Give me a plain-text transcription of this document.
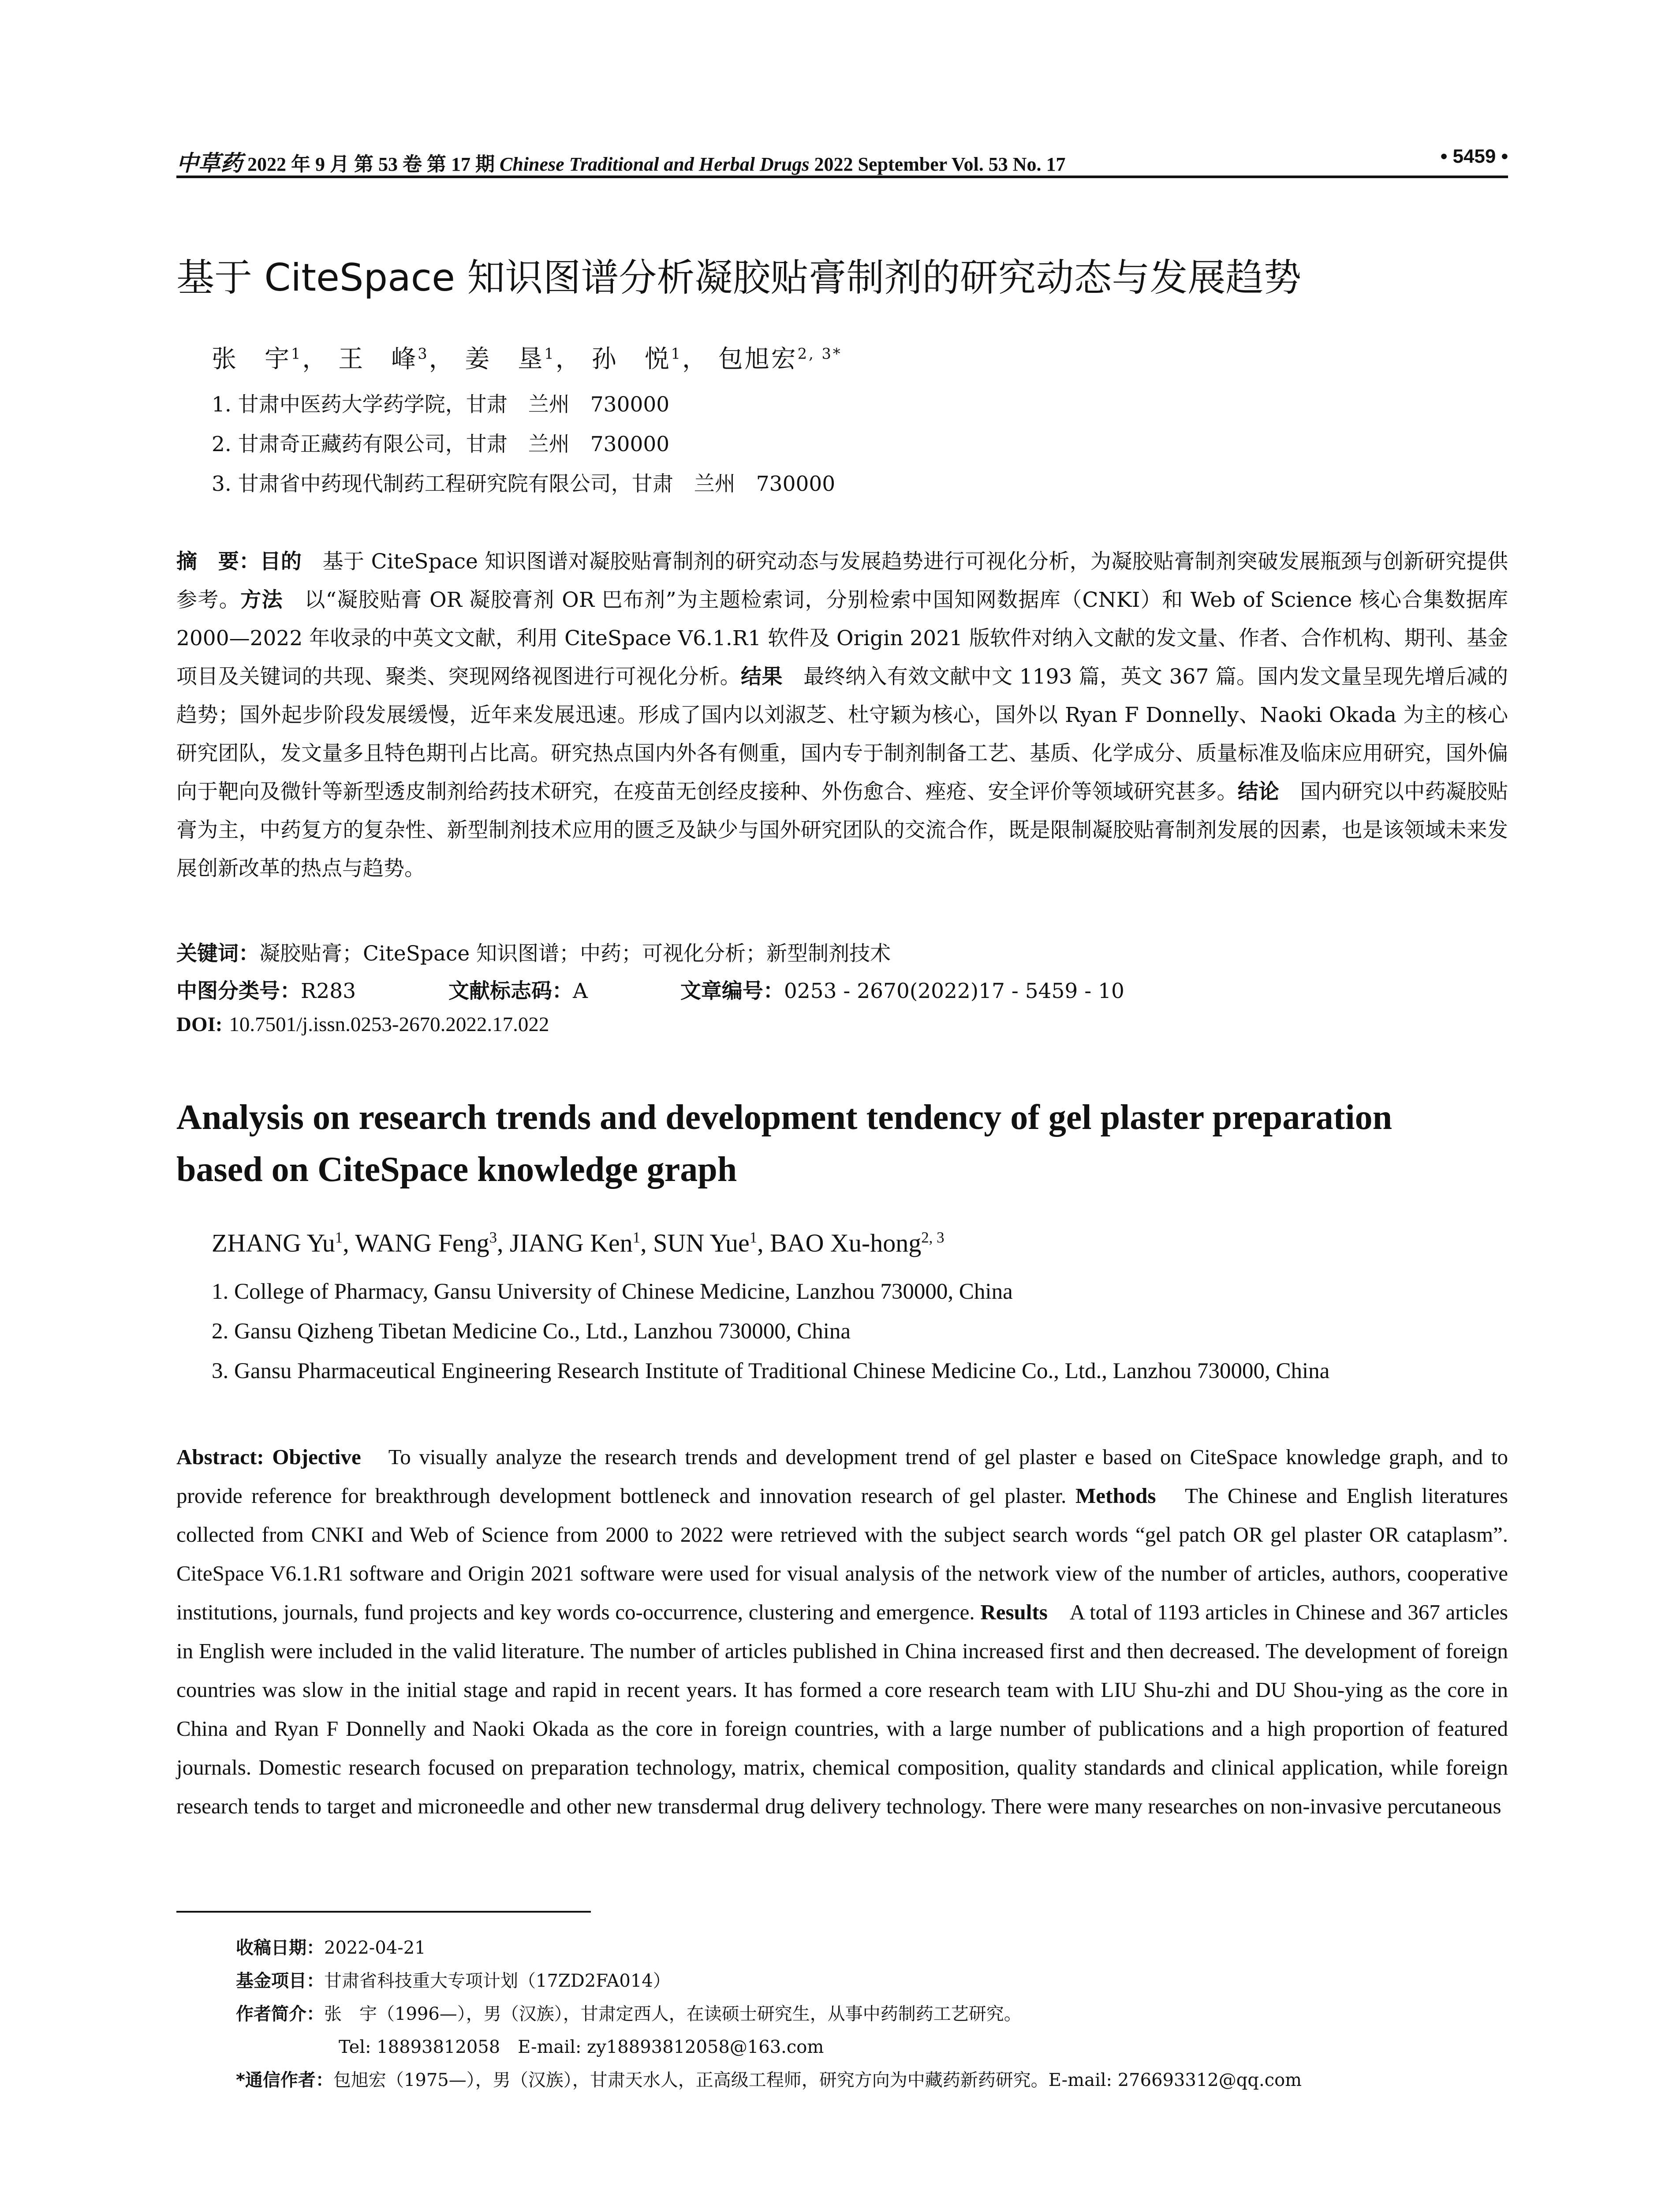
中草药 2022 年 9 月 第 53 卷 第 17 期 Chinese Traditional and Herbal Drugs 2022 September Vol. 53 No. 17	• 5459 •
基于 CiteSpace 知识图谱分析凝胶贴膏制剂的研究动态与发展趋势
张　宇$^1$， 王　峰$^3$， 姜　垦$^1$， 孙　悦$^1$， 包旭宏$^{2, 3*}$
1. 甘肃中医药大学药学院，甘肃　兰州　730000
2. 甘肃奇正藏药有限公司，甘肃　兰州　730000
3. 甘肃省中药现代制药工程研究院有限公司，甘肃　兰州　730000
摘　要：目的　 基于 CiteSpace 知识图谱对凝胶贴膏制剂的研究动态与发展趋势进行可视化分析，为凝胶贴膏制剂突破发展瓶颈与创新研究提供参考。方法　 以“凝胶贴膏 OR 凝胶膏剂 OR 巴布剂”为主题检索词，分别检索中国知网数据库（CNKI）和 Web of Science 核心合集数据库 2000—2022 年收录的中英文文献，利用 CiteSpace V6.1.R1 软件及 Origin 2021 版软件对纳入文献的发文量、作者、合作机构、期刊、基金项目及关键词的共现、聚类、突现网络视图进行可视化分析。结果　 最终纳入有效文献中文 1193 篇，英文 367 篇。国内发文量呈现先增后减的趋势；国外起步阶段发展缓慢，近年来发展迅速。形成了国内以刘淑芝、杜守颖为核心，国外以 Ryan F Donnelly、Naoki Okada 为主的核心研究团队，发文量多且特色期刊占比高。研究热点国内外各有侧重，国内专于制剂制备工艺、基质、化学成分、质量标准及临床应用研究，国外偏向于靶向及微针等新型透皮制剂给药技术研究，在疫苗无创经皮接种、外伤愈合、痤疮、安全评价等领域研究甚多。结论　 国内研究以中药凝胶贴膏为主，中药复方的复杂性、新型制剂技术应用的匮乏及缺少与国外研究团队的交流合作，既是限制凝胶贴膏制剂发展的因素，也是该领域未来发展创新改革的热点与趋势。
关键词：凝胶贴膏；CiteSpace 知识图谱；中药；可视化分析；新型制剂技术
中图分类号：R283	文献标志码：A	文章编号：0253 - 2670(2022)17 - 5459 - 10
DOI: 10.7501/j.issn.0253-2670.2022.17.022
Analysis on research trends and development tendency of gel plaster preparation
based on CiteSpace knowledge graph
ZHANG Yu$^1$, WANG Feng$^3$, JIANG Ken$^1$, SUN Yue$^1$, BAO Xu-hong$^{2, 3}$
1. College of Pharmacy, Gansu University of Chinese Medicine, Lanzhou 730000, China
2. Gansu Qizheng Tibetan Medicine Co., Ltd., Lanzhou 730000, China
3. Gansu Pharmaceutical Engineering Research Institute of Traditional Chinese Medicine Co., Ltd., Lanzhou 730000, China
Abstract: Objective　 To visually analyze the research trends and development trend of gel plaster e based on CiteSpace knowledge graph, and to provide reference for breakthrough development bottleneck and innovation research of gel plaster. Methods　 The Chinese and English literatures collected from CNKI and Web of Science from 2000 to 2022 were retrieved with the subject search words “gel patch OR gel plaster OR cataplasm”. CiteSpace V6.1.R1 software and Origin 2021 software were used for visual analysis of the network view of the number of articles, authors, cooperative institutions, journals, fund projects and key words co-occurrence, clustering and emergence. Results　 A total of 1193 articles in Chinese and 367 articles in English were included in the valid literature. The number of articles published in China increased first and then decreased. The development of foreign countries was slow in the initial stage and rapid in recent years. It has formed a core research team with LIU Shu-zhi and DU Shou-ying as the core in China and Ryan F Donnelly and Naoki Okada as the core in foreign countries, with a large number of publications and a high proportion of featured journals. Domestic research focused on preparation technology, matrix, chemical composition, quality standards and clinical application, while foreign research tends to target and microneedle and other new transdermal drug delivery technology. There were many researches on non-invasive percutaneous
收稿日期：2022-04-21
基金项目：甘肃省科技重大专项计划（17ZD2FA014）
作者简介：张　宇（1996—），男（汉族），甘肃定西人，在读硕士研究生，从事中药制药工艺研究。
Tel: 18893812058　E-mail: zy18893812058@163.com
*通信作者：包旭宏（1975—），男（汉族），甘肃天水人，正高级工程师，研究方向为中藏药新药研究。E-mail: 276693312@qq.com
